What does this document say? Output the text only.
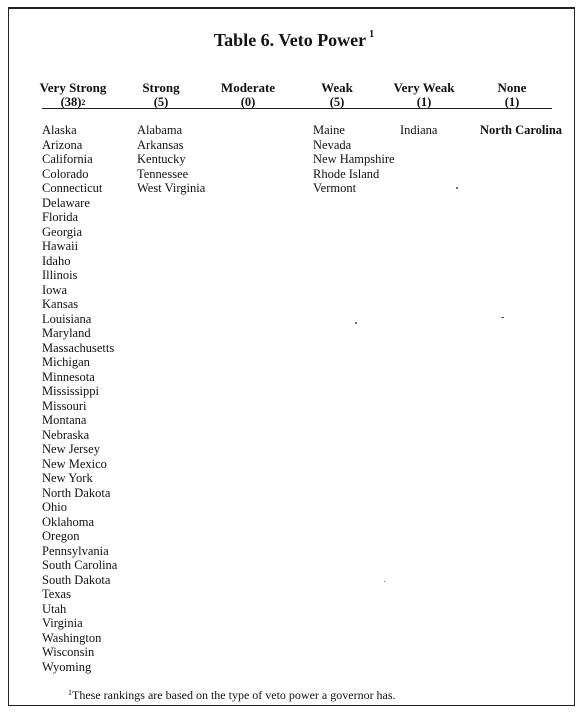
Table 6. Veto Power $^1$
Very Strong
$(38)^2$
Strong
(5)
Moderate
(0)
Weak
(5)
Very Weak
(1)
None
(1)
Alaska
Arizona
California
Colorado
Connecticut
Delaware
Florida
Georgia
Hawaii
Idaho
Illinois
Iowa
Kansas
Louisiana
Maryland
Massachusetts
Michigan
Minnesota
Mississippi
Missouri
Montana
Nebraska
New Jersey
New Mexico
New York
North Dakota
Ohio
Oklahoma
Oregon
Pennsylvania
South Carolina
South Dakota
Texas
Utah
Virginia
Washington
Wisconsin
Wyoming
Alabama
Arkansas
Kentucky
Tennessee
West Virginia
Maine
Nevada
New Hampshire
Rhode Island
Vermont
Indiana	North Carolina
$^1$These rankings are based on the type of veto power a governor has.
